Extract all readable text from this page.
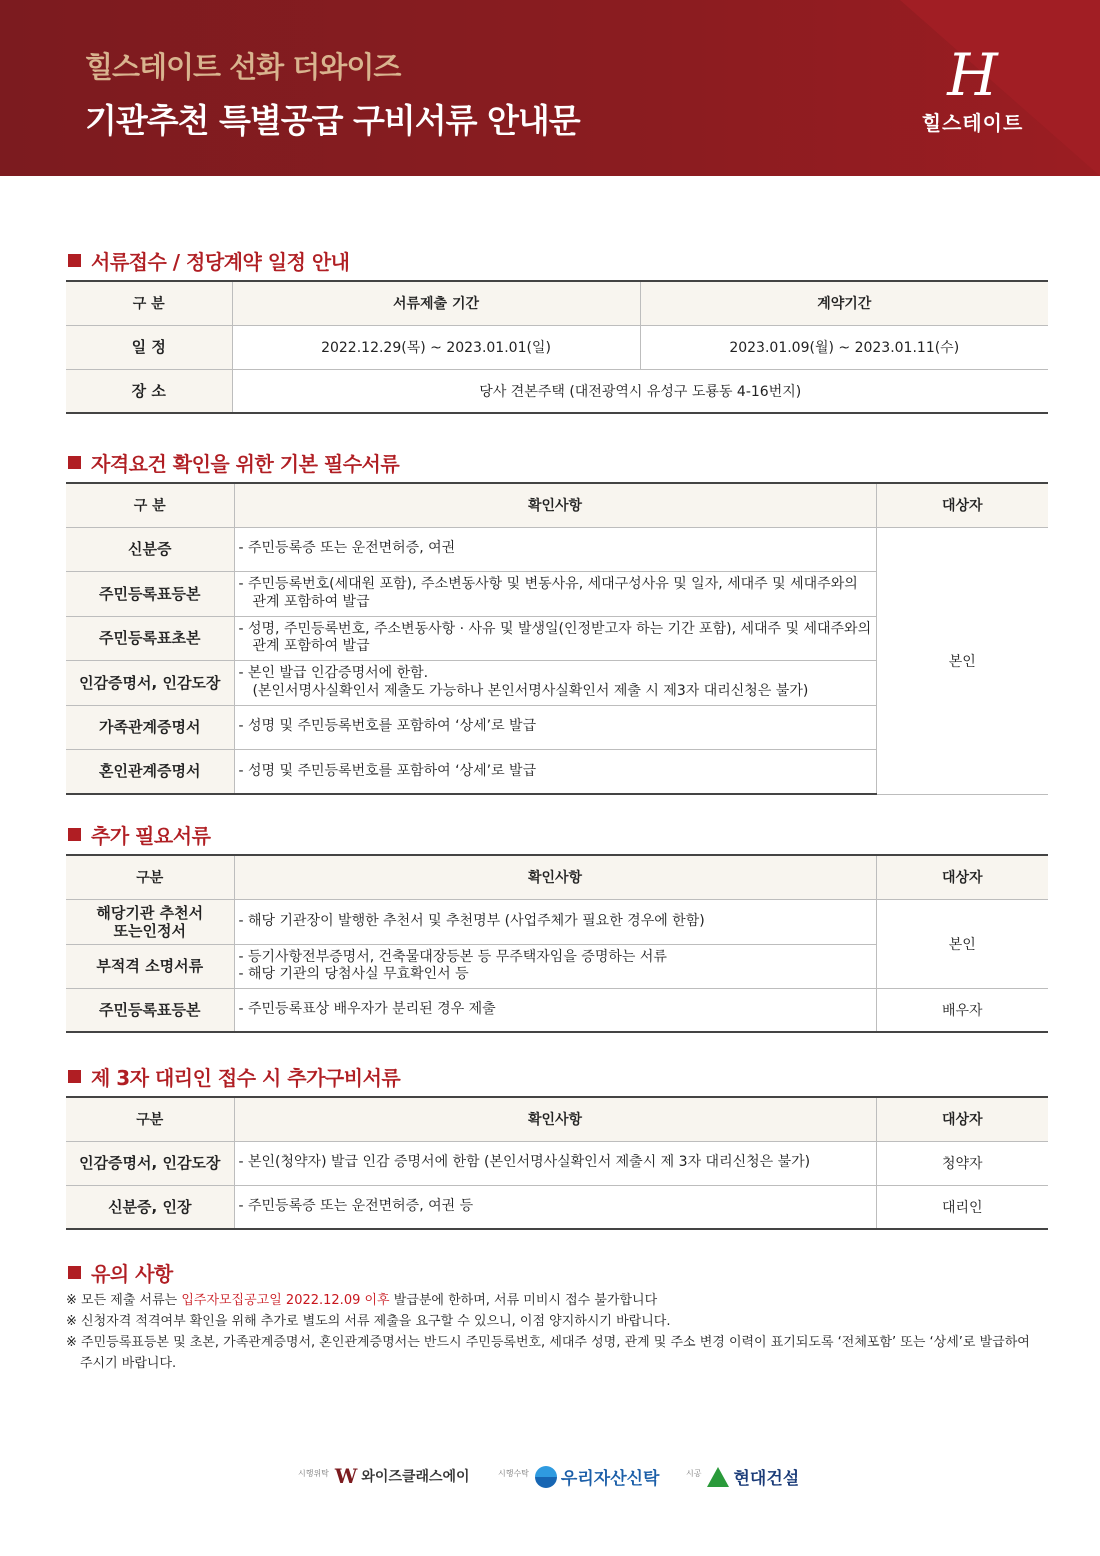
힐스테이트 선화 더와이즈
기관추천 특별공급 구비서류 안내문
H
힐스테이트
서류접수 / 정당계약 일정 안내
구 분	서류제출 기간	계약기간
일 정	2022.12.29(목) ~ 2023.01.01(일)	2023.01.09(월) ~ 2023.01.11(수)
장 소	당사 견본주택 (대전광역시 유성구 도룡동 4-16번지)	
자격요건 확인을 위한 기본 필수서류
구 분	확인사항	대상자
신분증	- 주민등록증 또는 운전면허증, 여권	본인
주민등록표등본	- 주민등록번호(세대원 포함), 주소변동사항 및 변동사유, 세대구성사유 및 일자, 세대주 및 세대주와의
관계 포함하여 발급	

주민등록표초본	- 성명, 주민등록번호, 주소변동사항 · 사유 및 발생일(인정받고자 하는 기간 포함), 세대주 및 세대주와의
관계 포함하여 발급	

인감증명서, 인감도장	- 본인 발급 인감증명서에 한함.
(본인서명사실확인서 제출도 가능하나 본인서명사실확인서 제출 시 제3자 대리신청은 불가)	

가족관계증명서	- 성명 및 주민등록번호를 포함하여 ‘상세’로 발급	

혼인관계증명서	- 성명 및 주민등록번호를 포함하여 ‘상세’로 발급	
추가 필요서류
구분	확인사항	대상자

해당기관 추천서
또는인정서	- 해당 기관장이 발행한 추천서 및 추천명부 (사업주체가 필요한 경우에 한함)	본인
부적격 소명서류	- 등기사항전부증명서, 건축물대장등본 등 무주택자임을 증명하는 서류
- 해당 기관의 당첨사실 무효확인서 등	

주민등록표등본	- 주민등록표상 배우자가 분리된 경우 제출	배우자
제 3자 대리인 접수 시 추가구비서류
구분	확인사항	대상자
인감증명서, 인감도장	- 본인(청약자) 발급 인감 증명서에 한함 (본인서명사실확인서 제출시 제 3자 대리신청은 불가)	청약자
신분증, 인장	- 주민등록증 또는 운전면허증, 여권 등	대리인
유의 사항
※ 모든 제출 서류는 입주자모집공고일 2022.12.09 이후 발급분에 한하며, 서류 미비시 접수 불가합니다
※ 신청자격 적격여부 확인을 위해 추가로 별도의 서류 제출을 요구할 수 있으니, 이점 양지하시기 바랍니다.
※ 주민등록표등본 및 초본, 가족관계증명서, 혼인관계증명서는 반드시 주민등록번호, 세대주 성명, 관계 및 주소 변경 이력이 표기되도록 ‘전체포함’ 또는 ‘상세’로 발급하여
주시기 바랍니다.
시행위탁 W 와이즈클래스에이	시행수탁 우리자산신탁	시공 현대건설
